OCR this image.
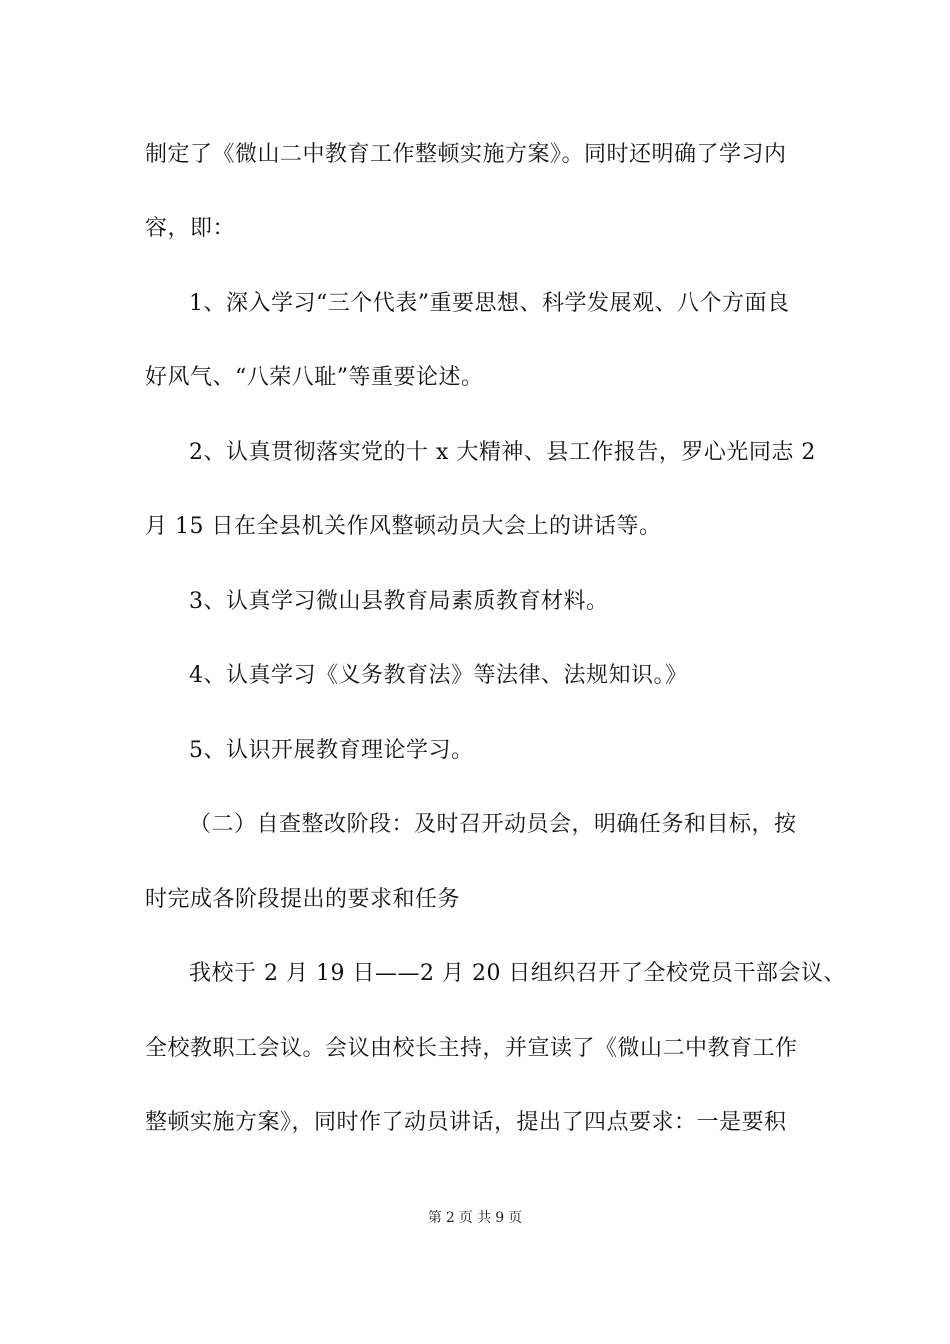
制定了《微山二中教育工作整顿实施方案》。同时还明确了学习内
容，即：
1、深入学习“三个代表”重要思想、科学发展观、八个方面良
好风气、“八荣八耻”等重要论述。
2、认真贯彻落实党的十 x 大精神、县工作报告，罗心光同志 2
月 15 日在全县机关作风整顿动员大会上的讲话等。
3、认真学习微山县教育局素质教育材料。
4、认真学习《义务教育法》等法律、法规知识。》
5、认识开展教育理论学习。
（二）自查整改阶段：及时召开动员会，明确任务和目标，按
时完成各阶段提出的要求和任务
我校于 2 月 19 日——2 月 20 日组织召开了全校党员干部会议、
全校教职工会议。会议由校长主持，并宣读了《微山二中教育工作
整顿实施方案》，同时作了动员讲话，提出了四点要求：一是要积
第 2 页 共 9 页
